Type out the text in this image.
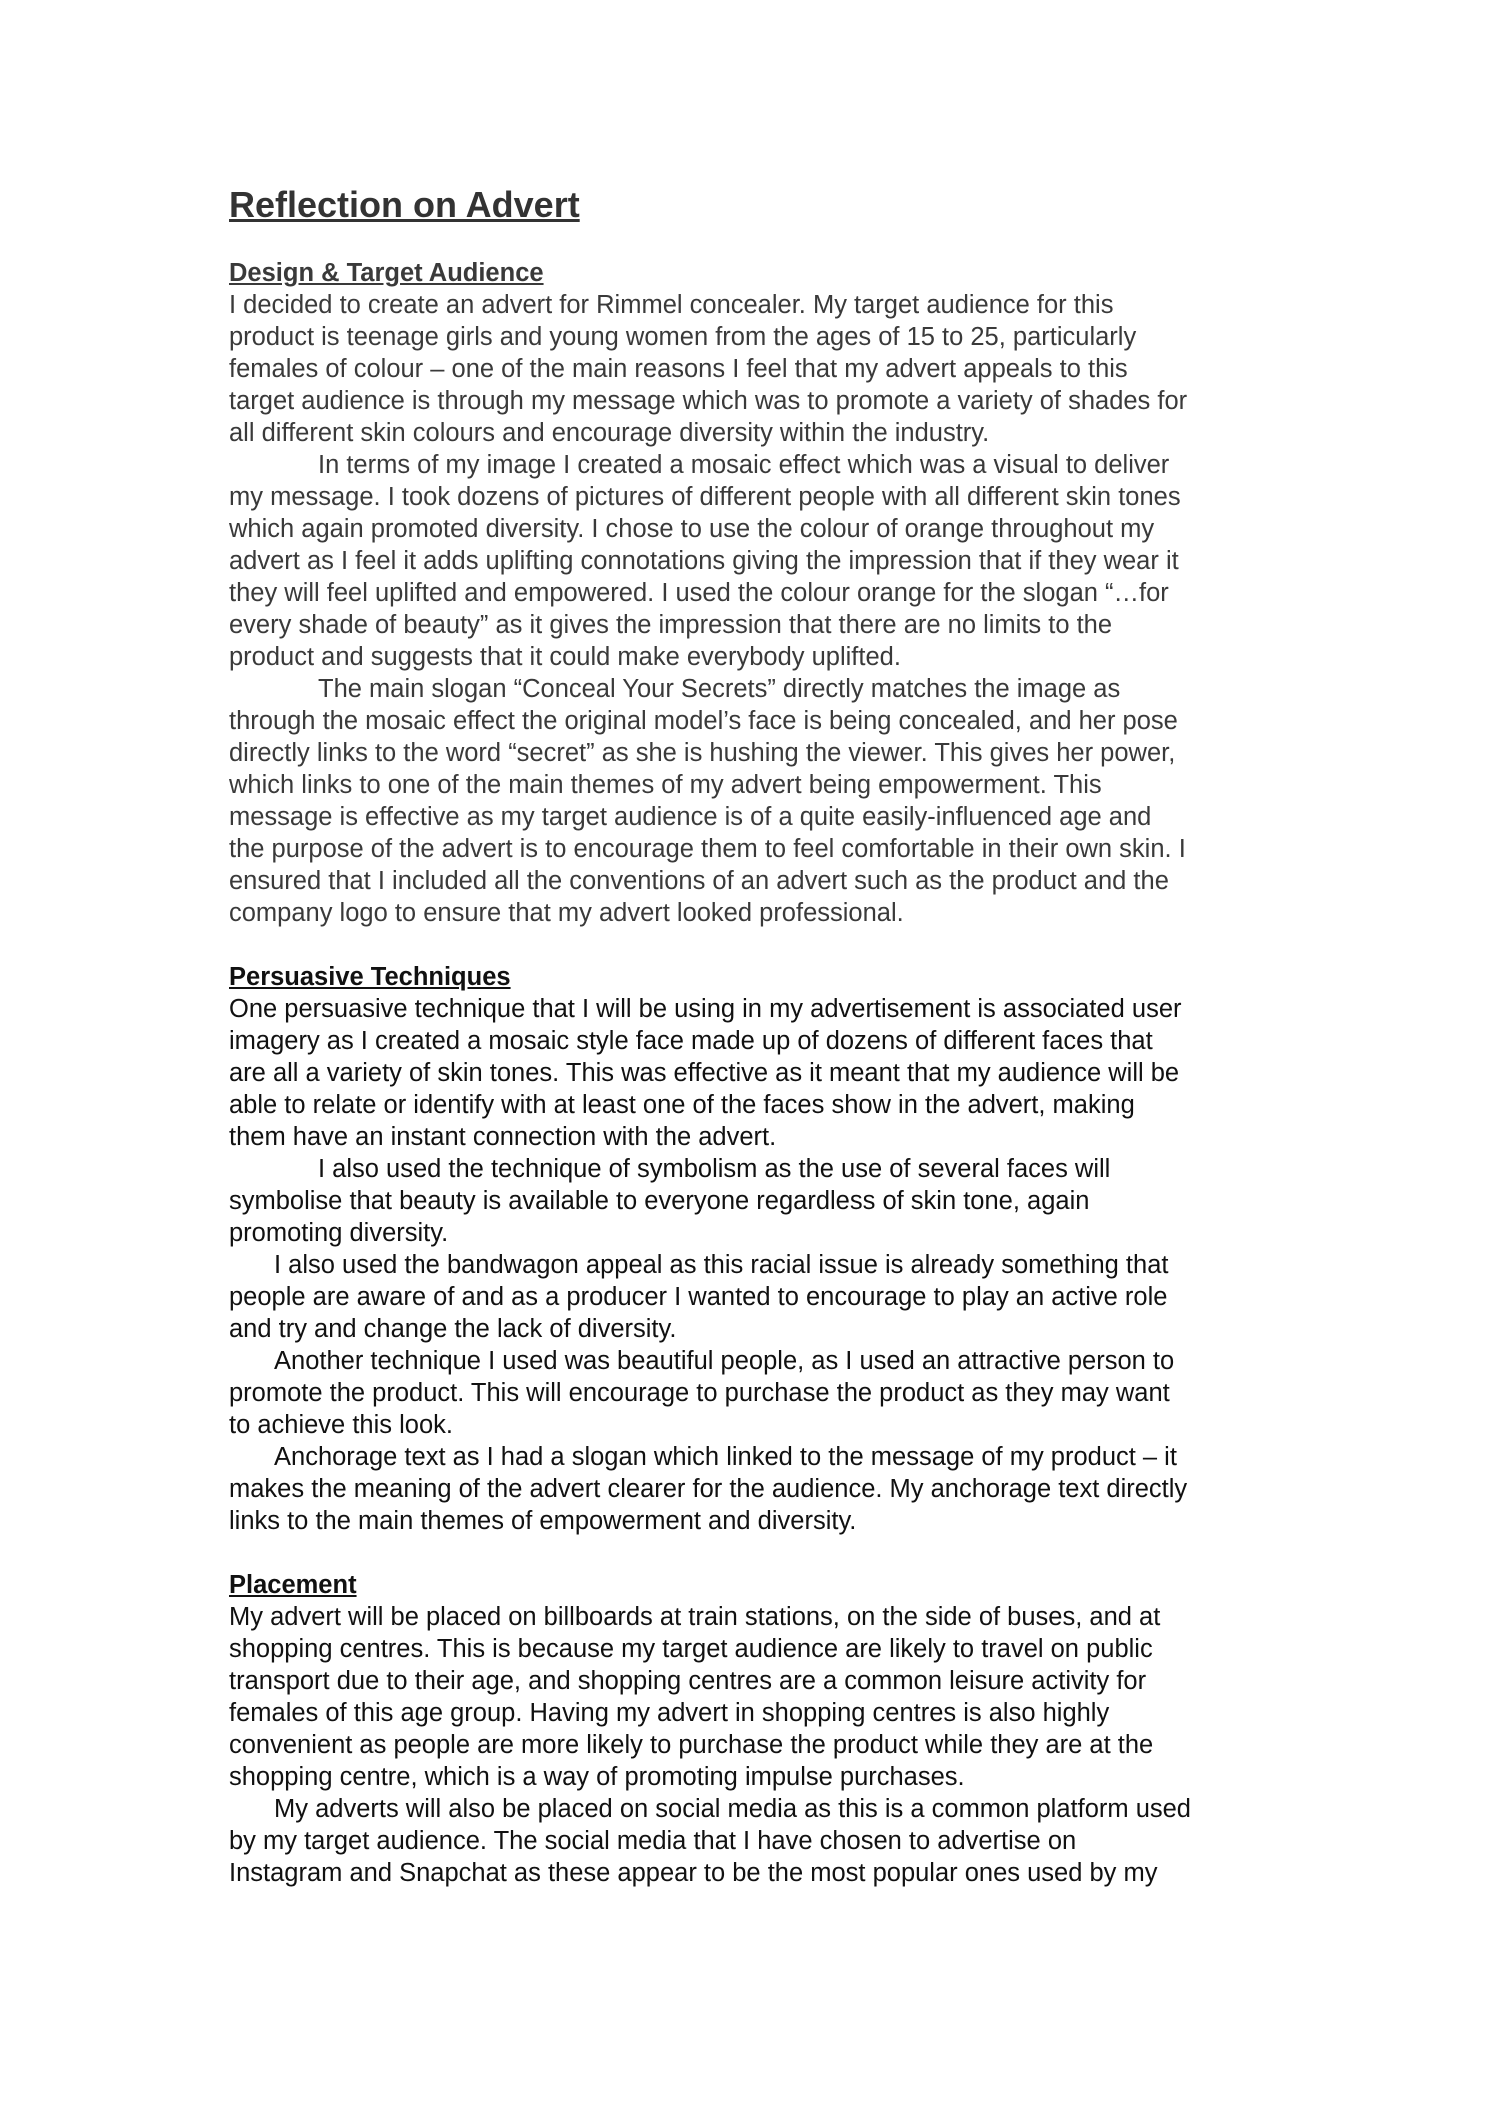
Reflection on Advert
Design & Target Audience
I decided to create an advert for Rimmel concealer. My target audience for this
product is teenage girls and young women from the ages of 15 to 25, particularly
females of colour – one of the main reasons I feel that my advert appeals to this
target audience is through my message which was to promote a variety of shades for
all different skin colours and encourage diversity within the industry.
In terms of my image I created a mosaic effect which was a visual to deliver
my message. I took dozens of pictures of different people with all different skin tones
which again promoted diversity. I chose to use the colour of orange throughout my
advert as I feel it adds uplifting connotations giving the impression that if they wear it
they will feel uplifted and empowered. I used the colour orange for the slogan “…for
every shade of beauty” as it gives the impression that there are no limits to the
product and suggests that it could make everybody uplifted.
The main slogan “Conceal Your Secrets” directly matches the image as
through the mosaic effect the original model’s face is being concealed, and her pose
directly links to the word “secret” as she is hushing the viewer. This gives her power,
which links to one of the main themes of my advert being empowerment. This
message is effective as my target audience is of a quite easily-influenced age and
the purpose of the advert is to encourage them to feel comfortable in their own skin. I
ensured that I included all the conventions of an advert such as the product and the
company logo to ensure that my advert looked professional.
Persuasive Techniques
One persuasive technique that I will be using in my advertisement is associated user
imagery as I created a mosaic style face made up of dozens of different faces that
are all a variety of skin tones. This was effective as it meant that my audience will be
able to relate or identify with at least one of the faces show in the advert, making
them have an instant connection with the advert.
I also used the technique of symbolism as the use of several faces will
symbolise that beauty is available to everyone regardless of skin tone, again
promoting diversity.
I also used the bandwagon appeal as this racial issue is already something that
people are aware of and as a producer I wanted to encourage to play an active role
and try and change the lack of diversity.
Another technique I used was beautiful people, as I used an attractive person to
promote the product. This will encourage to purchase the product as they may want
to achieve this look.
Anchorage text as I had a slogan which linked to the message of my product – it
makes the meaning of the advert clearer for the audience. My anchorage text directly
links to the main themes of empowerment and diversity.
Placement
My advert will be placed on billboards at train stations, on the side of buses, and at
shopping centres. This is because my target audience are likely to travel on public
transport due to their age, and shopping centres are a common leisure activity for
females of this age group. Having my advert in shopping centres is also highly
convenient as people are more likely to purchase the product while they are at the
shopping centre, which is a way of promoting impulse purchases.
My adverts will also be placed on social media as this is a common platform used
by my target audience. The social media that I have chosen to advertise on
Instagram and Snapchat as these appear to be the most popular ones used by my
